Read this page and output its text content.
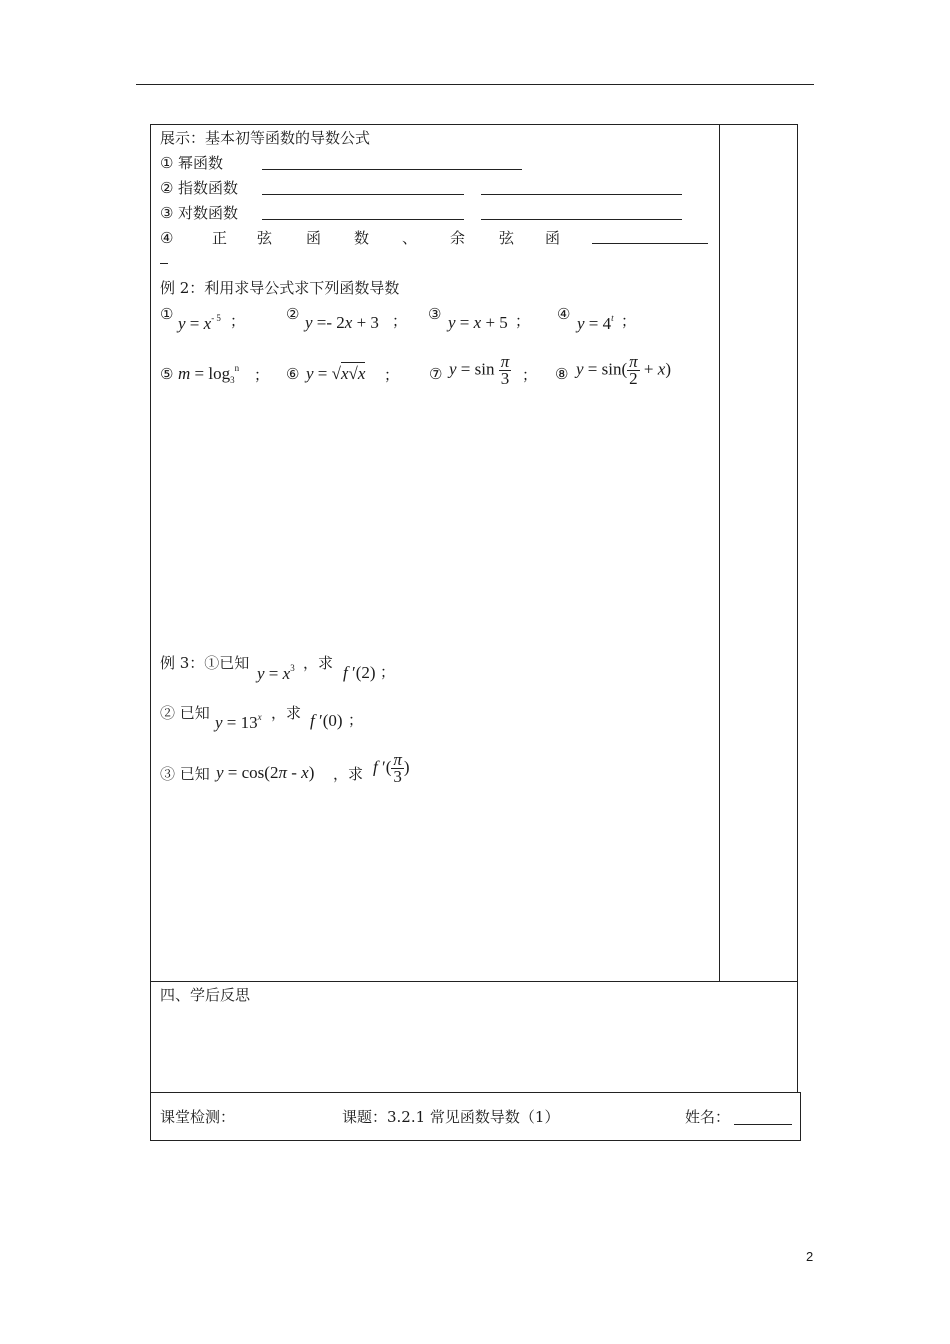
四、学后反思
课堂检测：	课题：3.2.1 常见函数导数（1）	姓名：
展示：基本初等函数的导数公式
① 幂函数
② 指数函数
③ 对数函数
④	正 弦 函 数 、 余 弦 函
例 2：利用求导公式求下列函数导数
① $y = x^{- 5}$ ；	② y =- 2x + 3 ； ③ y = x + 5 ； ④ $y = 4^t$ ；
⑤ $m = \log_3^n$ ； ⑥ y = √x√x ； ⑦ $y = \sin \frac{\pi}{3}$ ； ⑧ $y = \sin( \frac{\pi}{2} + x)$
例 3：①已知
$y = x^3$ ，求 f ′(2) ；
② 已知 $y = 13^x$ ，求 f ′(0) ；
③ 已知 y = cos(2π - x) ，求 f ′( $\frac{\pi}{3}$ )
2
